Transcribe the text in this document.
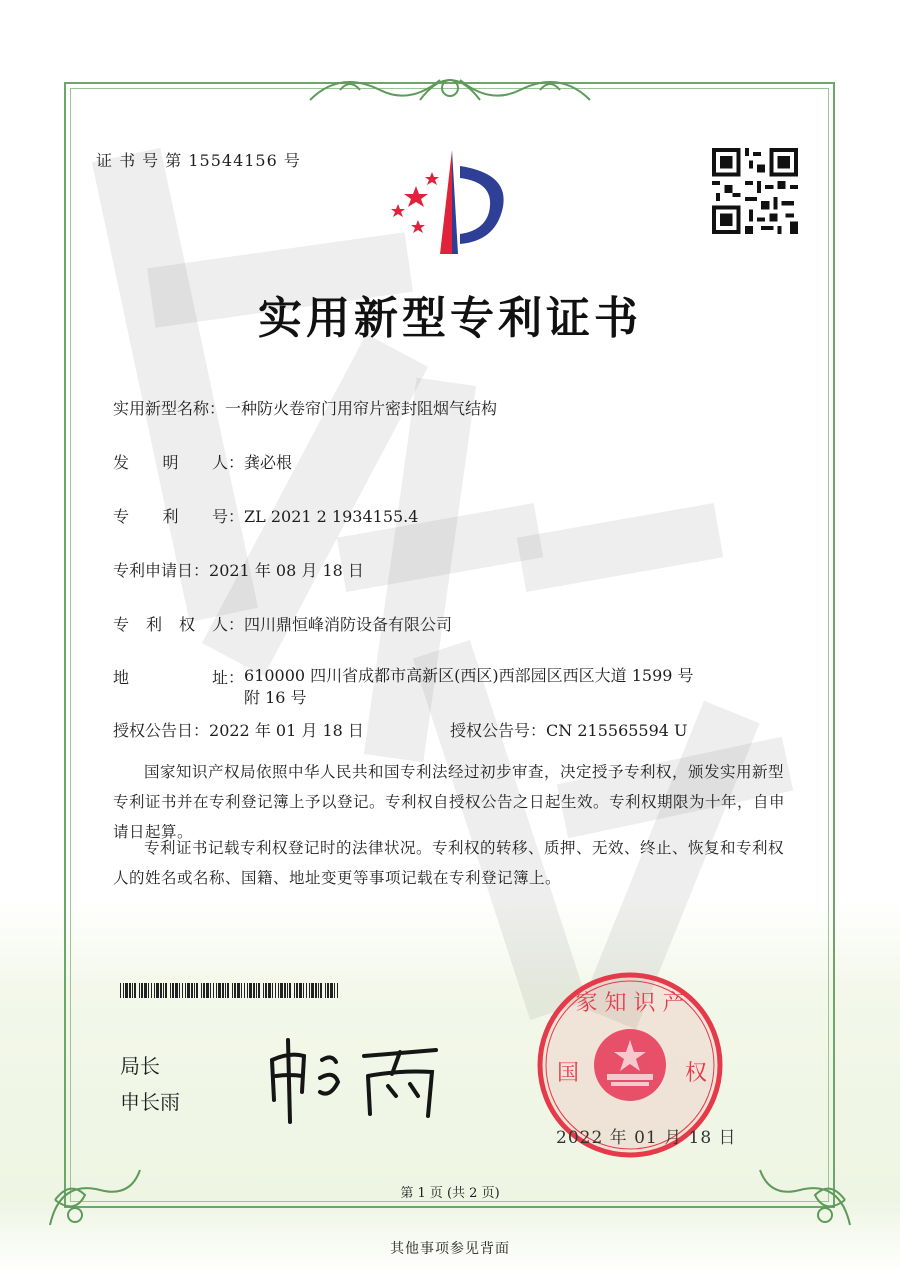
证 书 号 第 15544156 号
实用新型专利证书
实用新型名称：一种防火卷帘门用帘片密封阻烟气结构
发明人：龚必根
专利号：ZL 2021 2 1934155.4
专利申请日：2021 年 08 月 18 日
专利权人：四川鼎恒峰消防设备有限公司
地址：610000 四川省成都市高新区(西区)西部园区西区大道 1599 号附 16 号
授权公告日：2022 年 01 月 18 日	授权公告号：CN 215565594 U
国家知识产权局依照中华人民共和国专利法经过初步审查，决定授予专利权，颁发实用新型专利证书并在专利登记簿上予以登记。专利权自授权公告之日起生效。专利权期限为十年，自申请日起算。
专利证书记载专利权登记时的法律状况。专利权的转移、质押、无效、终止、恢复和专利权人的姓名或名称、国籍、地址变更等事项记载在专利登记簿上。
局长
申长雨
家 知 识 产
国	权
2022 年 01 月 18 日
第 1 页 (共 2 页)
其他事项参见背面
